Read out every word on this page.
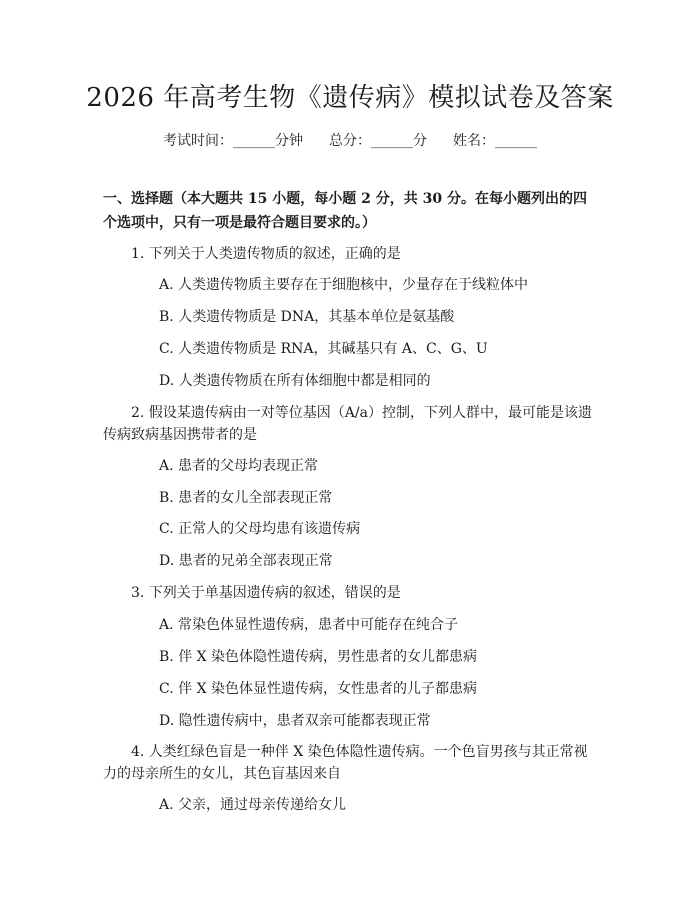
2026 年高考生物《遗传病》模拟试卷及答案
考试时间：______分钟 总分：______分 姓名：______
一、选择题（本大题共 15 小题，每小题 2 分，共 30 分。在每小题列出的四个选项中，只有一项是最符合题目要求的。）
1. 下列关于人类遗传物质的叙述，正确的是
A. 人类遗传物质主要存在于细胞核中，少量存在于线粒体中
B. 人类遗传物质是 DNA，其基本单位是氨基酸
C. 人类遗传物质是 RNA，其碱基只有 A、C、G、U
D. 人类遗传物质在所有体细胞中都是相同的
2. 假设某遗传病由一对等位基因（A/a）控制，下列人群中，最可能是该遗传病致病基因携带者的是
A. 患者的父母均表现正常
B. 患者的女儿全部表现正常
C. 正常人的父母均患有该遗传病
D. 患者的兄弟全部表现正常
3. 下列关于单基因遗传病的叙述，错误的是
A. 常染色体显性遗传病，患者中可能存在纯合子
B. 伴 X 染色体隐性遗传病，男性患者的女儿都患病
C. 伴 X 染色体显性遗传病，女性患者的儿子都患病
D. 隐性遗传病中，患者双亲可能都表现正常
4. 人类红绿色盲是一种伴 X 染色体隐性遗传病。一个色盲男孩与其正常视力的母亲所生的女儿，其色盲基因来自
A. 父亲，通过母亲传递给女儿
